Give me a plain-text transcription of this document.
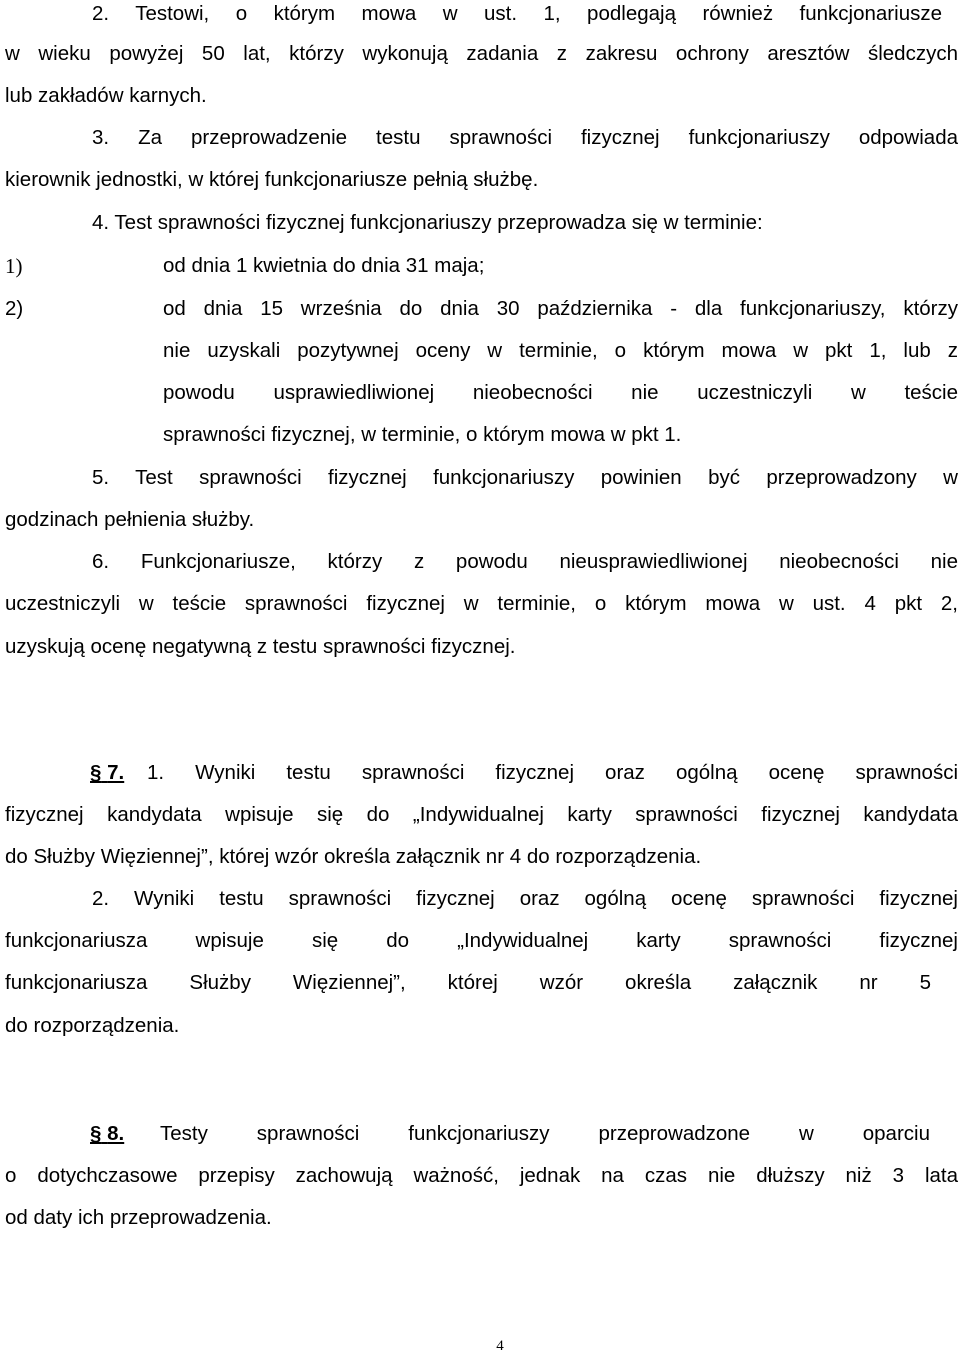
2. Testowi, o którym mowa w ust. 1, podlegają również funkcjonariusze
w wieku powyżej 50 lat, którzy wykonują zadania z zakresu ochrony aresztów śledczych
lub zakładów karnych.
3. Za przeprowadzenie testu sprawności fizycznej funkcjonariuszy odpowiada
kierownik jednostki, w której funkcjonariusze pełnią służbę.
4. Test sprawności fizycznej funkcjonariuszy przeprowadza się w terminie:
1)	od dnia 1 kwietnia do dnia 31 maja;
2)	od dnia 15 września do dnia 30 października - dla funkcjonariuszy, którzy
nie uzyskali pozytywnej oceny w terminie, o którym mowa w pkt 1, lub z
powodu usprawiedliwionej nieobecności nie uczestniczyli w teście
sprawności fizycznej, w terminie, o którym mowa w pkt 1.
5. Test sprawności fizycznej funkcjonariuszy powinien być przeprowadzony w
godzinach pełnienia służby.
6. Funkcjonariusze, którzy z powodu nieusprawiedliwionej nieobecności nie
uczestniczyli w teście sprawności fizycznej w terminie, o którym mowa w ust. 4 pkt 2,
uzyskują ocenę negatywną z testu sprawności fizycznej.
§ 7. 1. Wyniki testu sprawności fizycznej oraz ogólną ocenę sprawności
fizycznej kandydata wpisuje się do „Indywidualnej karty sprawności fizycznej kandydata
do Służby Więziennej”, której wzór określa załącznik nr 4 do rozporządzenia.
2. Wyniki testu sprawności fizycznej oraz ogólną ocenę sprawności fizycznej
funkcjonariusza wpisuje się do „Indywidualnej karty sprawności fizycznej
funkcjonariusza Służby Więziennej”, której wzór określa załącznik nr 5
do rozporządzenia.
§ 8. Testy sprawności funkcjonariuszy przeprowadzone w oparciu
o dotychczasowe przepisy zachowują ważność, jednak na czas nie dłuższy niż 3 lata
od daty ich przeprowadzenia.
4
